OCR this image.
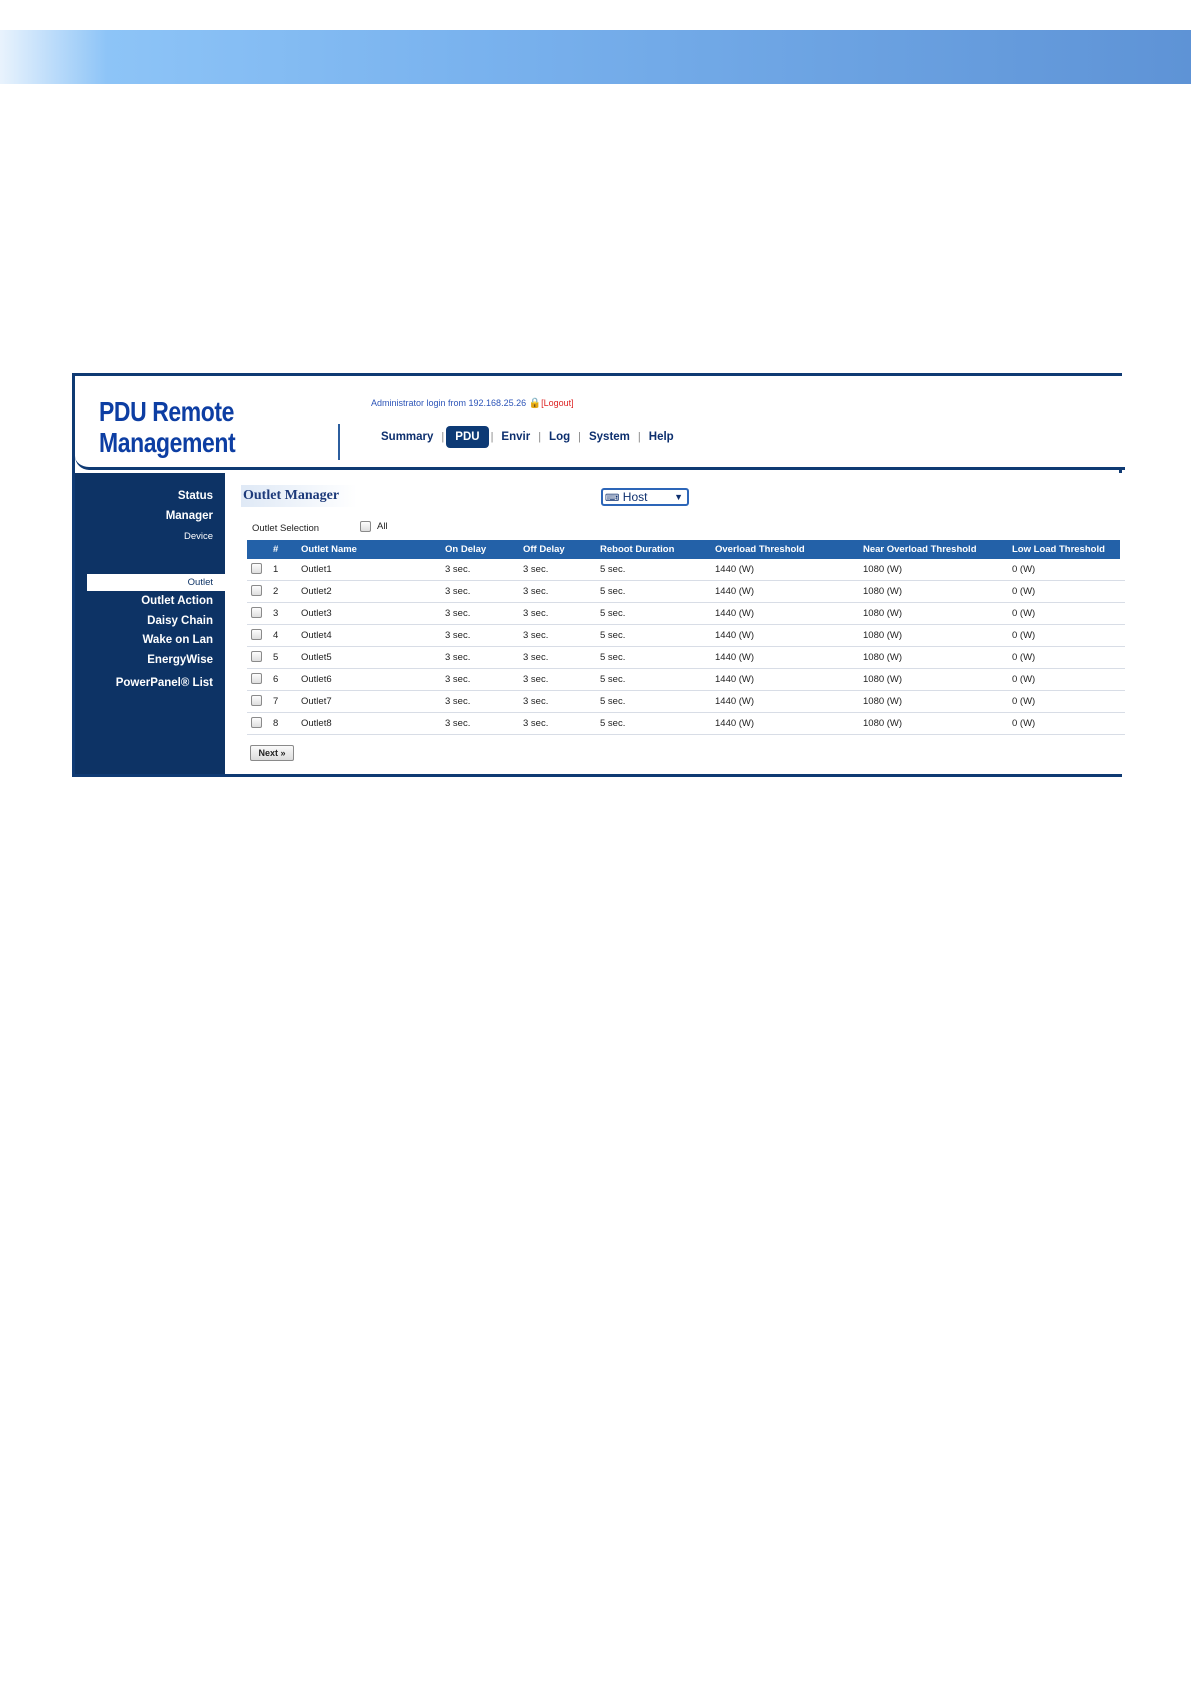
PDU Remote
Management
Administrator login from 192.168.25.26 🔒[Logout]
Summary | PDU	| Envir | Log | System | Help
Status
Manager
Device
Outlet
Outlet Action
Daisy Chain
Wake on Lan
EnergyWise
PowerPanel® List
Outlet Manager	⌨ Host	▼
Outlet Selection	All
	#	Outlet Name	On Delay	Off Delay	Reboot Duration	Overload Threshold	Near Overload Threshold	Low Load Threshold	
	1	Outlet1	3 sec.	3 sec.	5 sec.	1440 (W)	1080 (W)	0 (W)	
	2	Outlet2	3 sec.	3 sec.	5 sec.	1440 (W)	1080 (W)	0 (W)	
	3	Outlet3	3 sec.	3 sec.	5 sec.	1440 (W)	1080 (W)	0 (W)	
	4	Outlet4	3 sec.	3 sec.	5 sec.	1440 (W)	1080 (W)	0 (W)	
	5	Outlet5	3 sec.	3 sec.	5 sec.	1440 (W)	1080 (W)	0 (W)	
	6	Outlet6	3 sec.	3 sec.	5 sec.	1440 (W)	1080 (W)	0 (W)	
	7	Outlet7	3 sec.	3 sec.	5 sec.	1440 (W)	1080 (W)	0 (W)	
	8	Outlet8	3 sec.	3 sec.	5 sec.	1440 (W)	1080 (W)	0 (W)	
Next »
